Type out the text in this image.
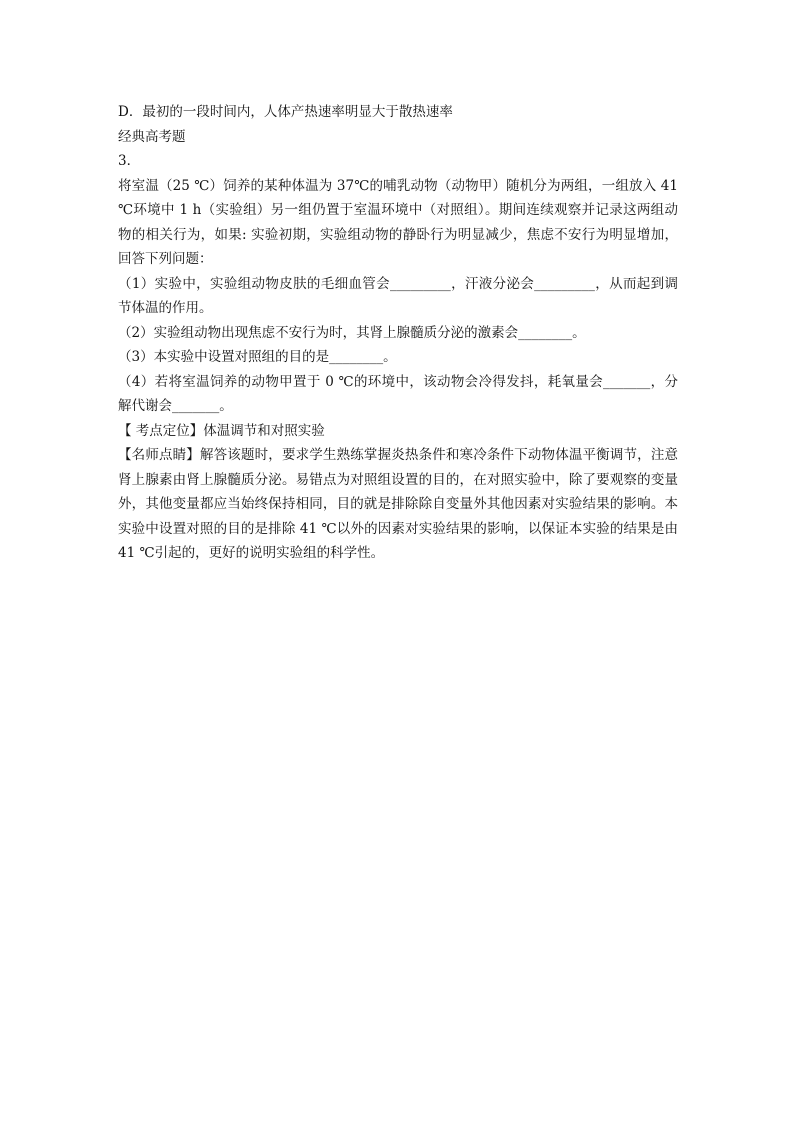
D．最初的一段时间内，人体产热速率明显大于散热速率
经典高考题
3．
将室温（25 ℃）饲养的某种体温为 37℃的哺乳动物（动物甲）随机分为两组，一组放入 41 ℃环境中 1 h（实验组）另一组仍置于室温环境中（对照组）。期间连续观察并记录这两组动物的相关行为，如果: 实验初期，实验组动物的静卧行为明显减少，焦虑不安行为明显增加，回答下列问题：
（1）实验中，实验组动物皮肤的毛细血管会_________，汗液分泌会_________，从而起到调节体温的作用。
（2）实验组动物出现焦虑不安行为时，其肾上腺髓质分泌的激素会________。
（3）本实验中设置对照组的目的是________。
（4）若将室温饲养的动物甲置于 0 ℃的环境中，该动物会冷得发抖，耗氧量会_______，分解代谢会_______。
【 考点定位】体温调节和对照实验
【名师点睛】解答该题时，要求学生熟练掌握炎热条件和寒冷条件下动物体温平衡调节，注意肾上腺素由肾上腺髓质分泌。易错点为对照组设置的目的，在对照实验中，除了要观察的变量外，其他变量都应当始终保持相同，目的就是排除除自变量外其他因素对实验结果的影响。本实验中设置对照的目的是排除 41 ℃以外的因素对实验结果的影响，以保证本实验的结果是由 41 ℃引起的，更好的说明实验组的科学性。
